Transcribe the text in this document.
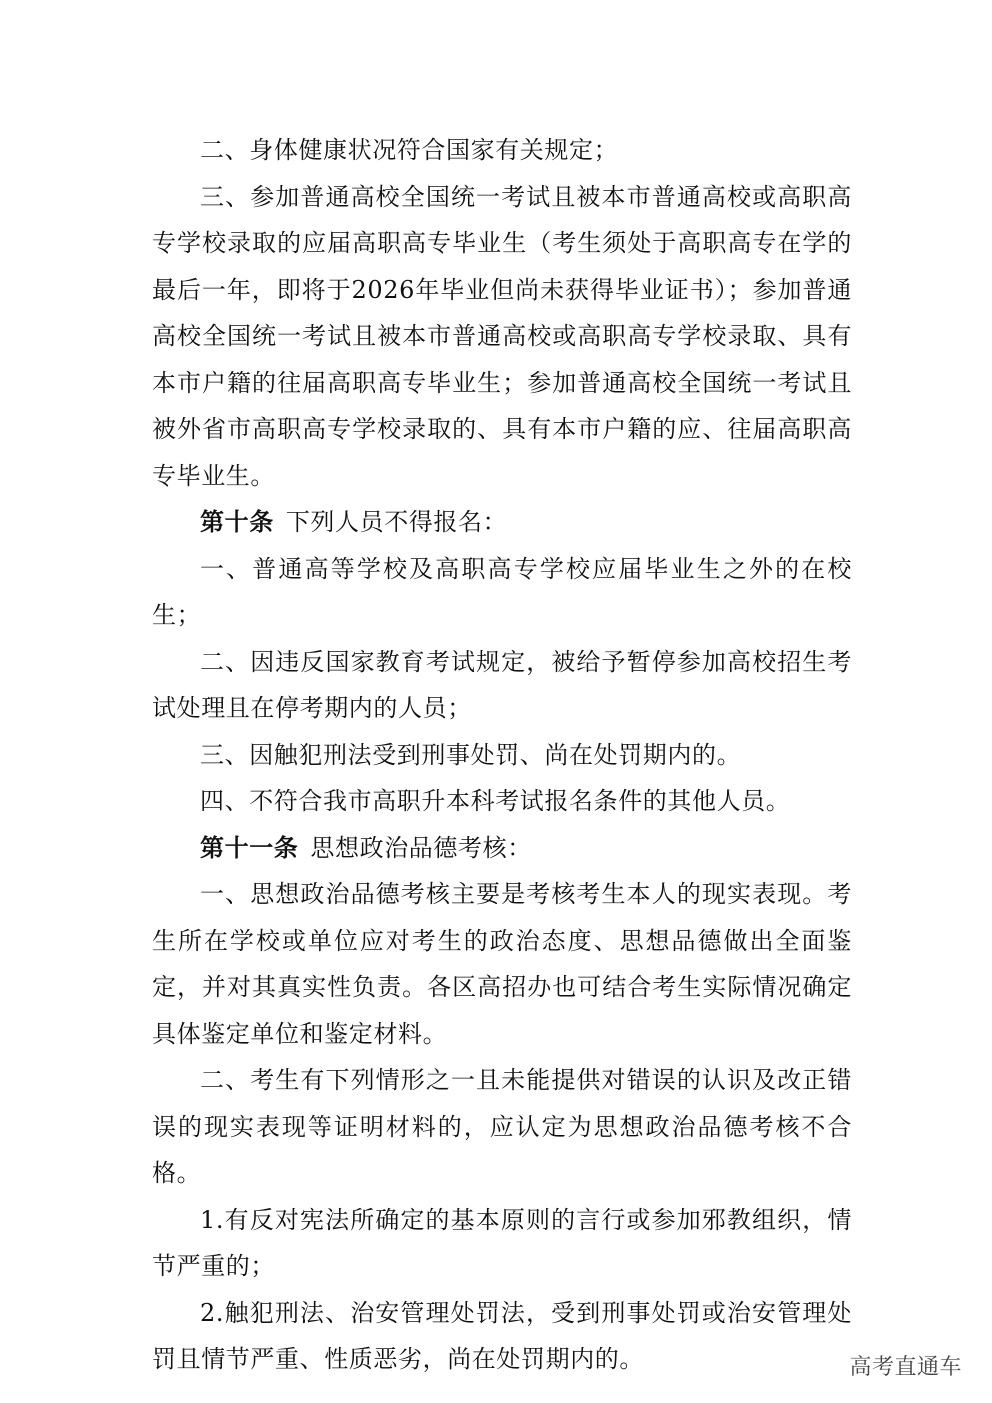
二、身体健康状况符合国家有关规定；

三、参加普通高校全国统一考试且被本市普通高校或高职高专学校录取的应届高职高专毕业生（考生须处于高职高专在学的最后一年，即将于2026年毕业但尚未获得毕业证书）；参加普通高校全国统一考试且被本市普通高校或高职高专学校录取、具有本市户籍的往届高职高专毕业生；参加普通高校全国统一考试且被外省市高职高专学校录取的、具有本市户籍的应、往届高职高专毕业生。

第十条 下列人员不得报名：

一、普通高等学校及高职高专学校应届毕业生之外的在校生；

二、因违反国家教育考试规定，被给予暂停参加高校招生考试处理且在停考期内的人员；

三、因触犯刑法受到刑事处罚、尚在处罚期内的。

四、不符合我市高职升本科考试报名条件的其他人员。

第十一条 思想政治品德考核：

一、思想政治品德考核主要是考核考生本人的现实表现。考生所在学校或单位应对考生的政治态度、思想品德做出全面鉴定，并对其真实性负责。各区高招办也可结合考生实际情况确定具体鉴定单位和鉴定材料。

二、考生有下列情形之一且未能提供对错误的认识及改正错误的现实表现等证明材料的，应认定为思想政治品德考核不合格。

1.有反对宪法所确定的基本原则的言行或参加邪教组织，情节严重的；

2.触犯刑法、治安管理处罚法，受到刑事处罚或治安管理处罚且情节严重、性质恶劣，尚在处罚期内的。	高考直通车
